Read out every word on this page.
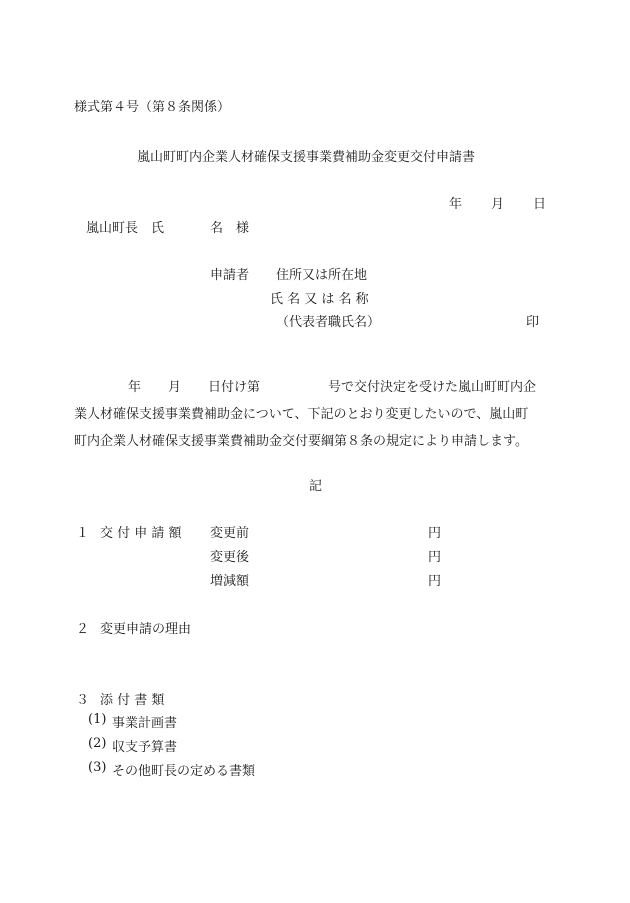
様式第４号（第８条関係）
嵐山町町内企業人材確保支援事業費補助金変更交付申請書
年 月 日
嵐山町長　氏	名　様
申請者 住所又は所在地
氏 名 又 は 名 称
（代表者職氏名）	印
年 月 日付け第	号で交付決定を受けた嵐山町町内企
業人材確保支援事業費補助金について、下記のとおり変更したいので、嵐山町
町内企業人材確保支援事業費補助金交付要綱第８条の規定により申請します。
記
１ 交 付 申 請 額 変更前	円
変更後	円
増減額	円
２ 変更申請の理由
３ 添 付 書 類
(1) 事業計画書
(2) 収支予算書
(3) その他町長の定める書類
